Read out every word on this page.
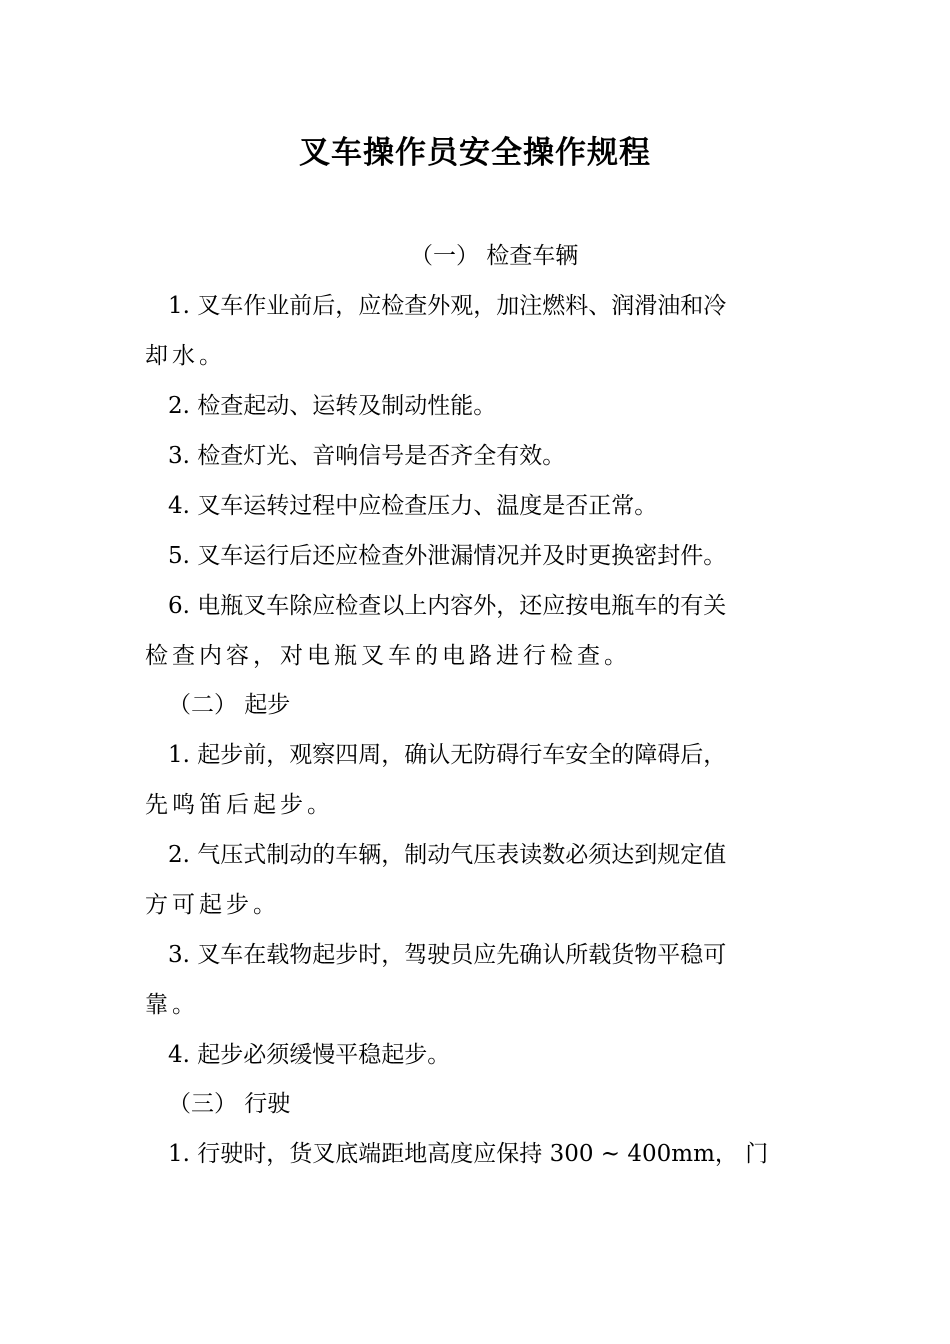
叉车操作员安全操作规程
（一） 检查车辆
1. 叉车作业前后，应检查外观，加注燃料、润滑油和冷
却水。
2. 检查起动、运转及制动性能。
3. 检查灯光、音响信号是否齐全有效。
4. 叉车运转过程中应检查压力、温度是否正常。
5. 叉车运行后还应检查外泄漏情况并及时更换密封件。
6. 电瓶叉车除应检查以上内容外，还应按电瓶车的有关
检查内容，对电瓶叉车的电路进行检查。
（二） 起步
1. 起步前，观察四周，确认无防碍行车安全的障碍后，
先鸣笛后起步。
2. 气压式制动的车辆，制动气压表读数必须达到规定值
方可起步。
3. 叉车在载物起步时，驾驶员应先确认所载货物平稳可
靠。
4. 起步必须缓慢平稳起步。
（三） 行驶
1. 行驶时，货叉底端距地高度应保持 300 ~ 400mm， 门
